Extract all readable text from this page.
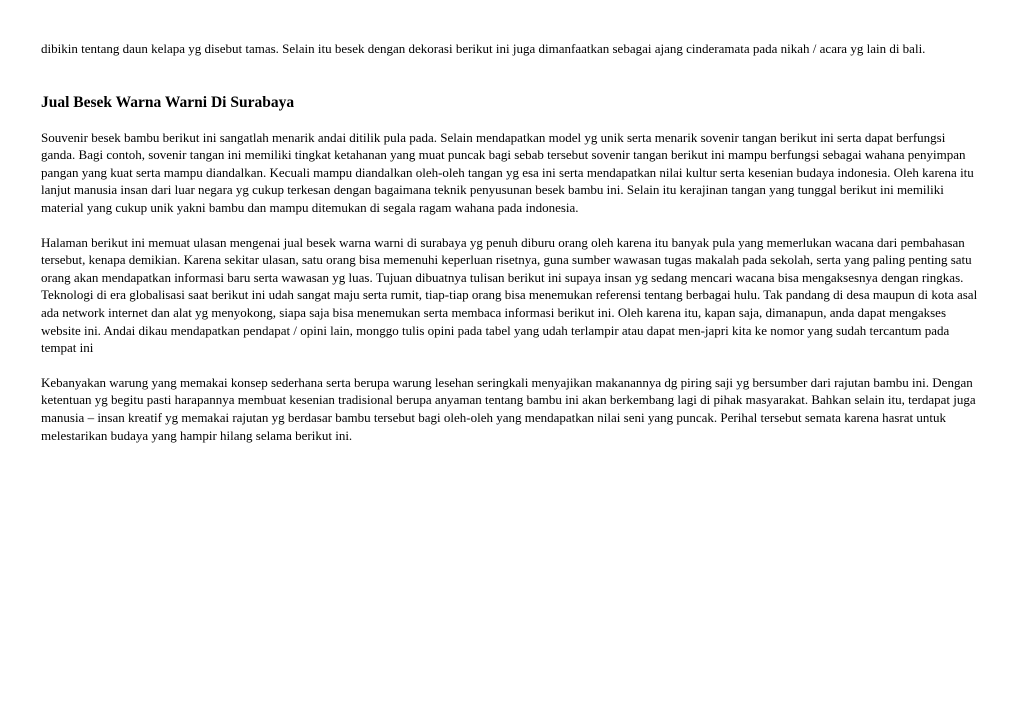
dibikin tentang daun kelapa yg disebut tamas. Selain itu besek dengan dekorasi berikut ini juga dimanfaatkan sebagai ajang cinderamata pada nikah / acara yg lain di bali.

Jual Besek Warna Warni Di Surabaya

Souvenir besek bambu berikut ini sangatlah menarik andai ditilik pula pada. Selain mendapatkan model yg unik serta menarik sovenir tangan berikut ini serta dapat berfungsi ganda. Bagi contoh, sovenir tangan ini memiliki tingkat ketahanan yang muat puncak bagi sebab tersebut sovenir tangan berikut ini mampu berfungsi sebagai wahana penyimpan pangan yang kuat serta mampu diandalkan. Kecuali mampu diandalkan oleh-oleh tangan yg esa ini serta mendapatkan nilai kultur serta kesenian budaya indonesia. Oleh karena itu lanjut manusia insan dari luar negara yg cukup terkesan dengan bagaimana teknik penyusunan besek bambu ini. Selain itu kerajinan tangan yang tunggal berikut ini memiliki material yang cukup unik yakni bambu dan mampu ditemukan di segala ragam wahana pada indonesia.

Halaman berikut ini memuat ulasan mengenai jual besek warna warni di surabaya yg penuh diburu orang oleh karena itu banyak pula yang memerlukan wacana dari pembahasan tersebut, kenapa demikian. Karena sekitar ulasan, satu orang bisa memenuhi keperluan risetnya, guna sumber wawasan tugas makalah pada sekolah, serta yang paling penting satu orang akan mendapatkan informasi baru serta wawasan yg luas. Tujuan dibuatnya tulisan berikut ini supaya insan yg sedang mencari wacana bisa mengaksesnya dengan ringkas. Teknologi di era globalisasi saat berikut ini udah sangat maju serta rumit, tiap-tiap orang bisa menemukan referensi tentang berbagai hulu. Tak pandang di desa maupun di kota asal ada network internet dan alat yg menyokong, siapa saja bisa menemukan serta membaca informasi berikut ini. Oleh karena itu, kapan saja, dimanapun, anda dapat mengakses website ini. Andai dikau mendapatkan pendapat / opini lain, monggo tulis opini pada tabel yang udah terlampir atau dapat men-japri kita ke nomor yang sudah tercantum pada tempat ini

Kebanyakan warung yang memakai konsep sederhana serta berupa warung lesehan seringkali menyajikan makanannya dg piring saji yg bersumber dari rajutan bambu ini. Dengan ketentuan yg begitu pasti harapannya membuat kesenian tradisional berupa anyaman tentang bambu ini akan berkembang lagi di pihak masyarakat. Bahkan selain itu, terdapat juga manusia – insan kreatif yg memakai rajutan yg berdasar bambu tersebut bagi oleh-oleh yang mendapatkan nilai seni yang puncak. Perihal tersebut semata karena hasrat untuk melestarikan budaya yang hampir hilang selama berikut ini.
